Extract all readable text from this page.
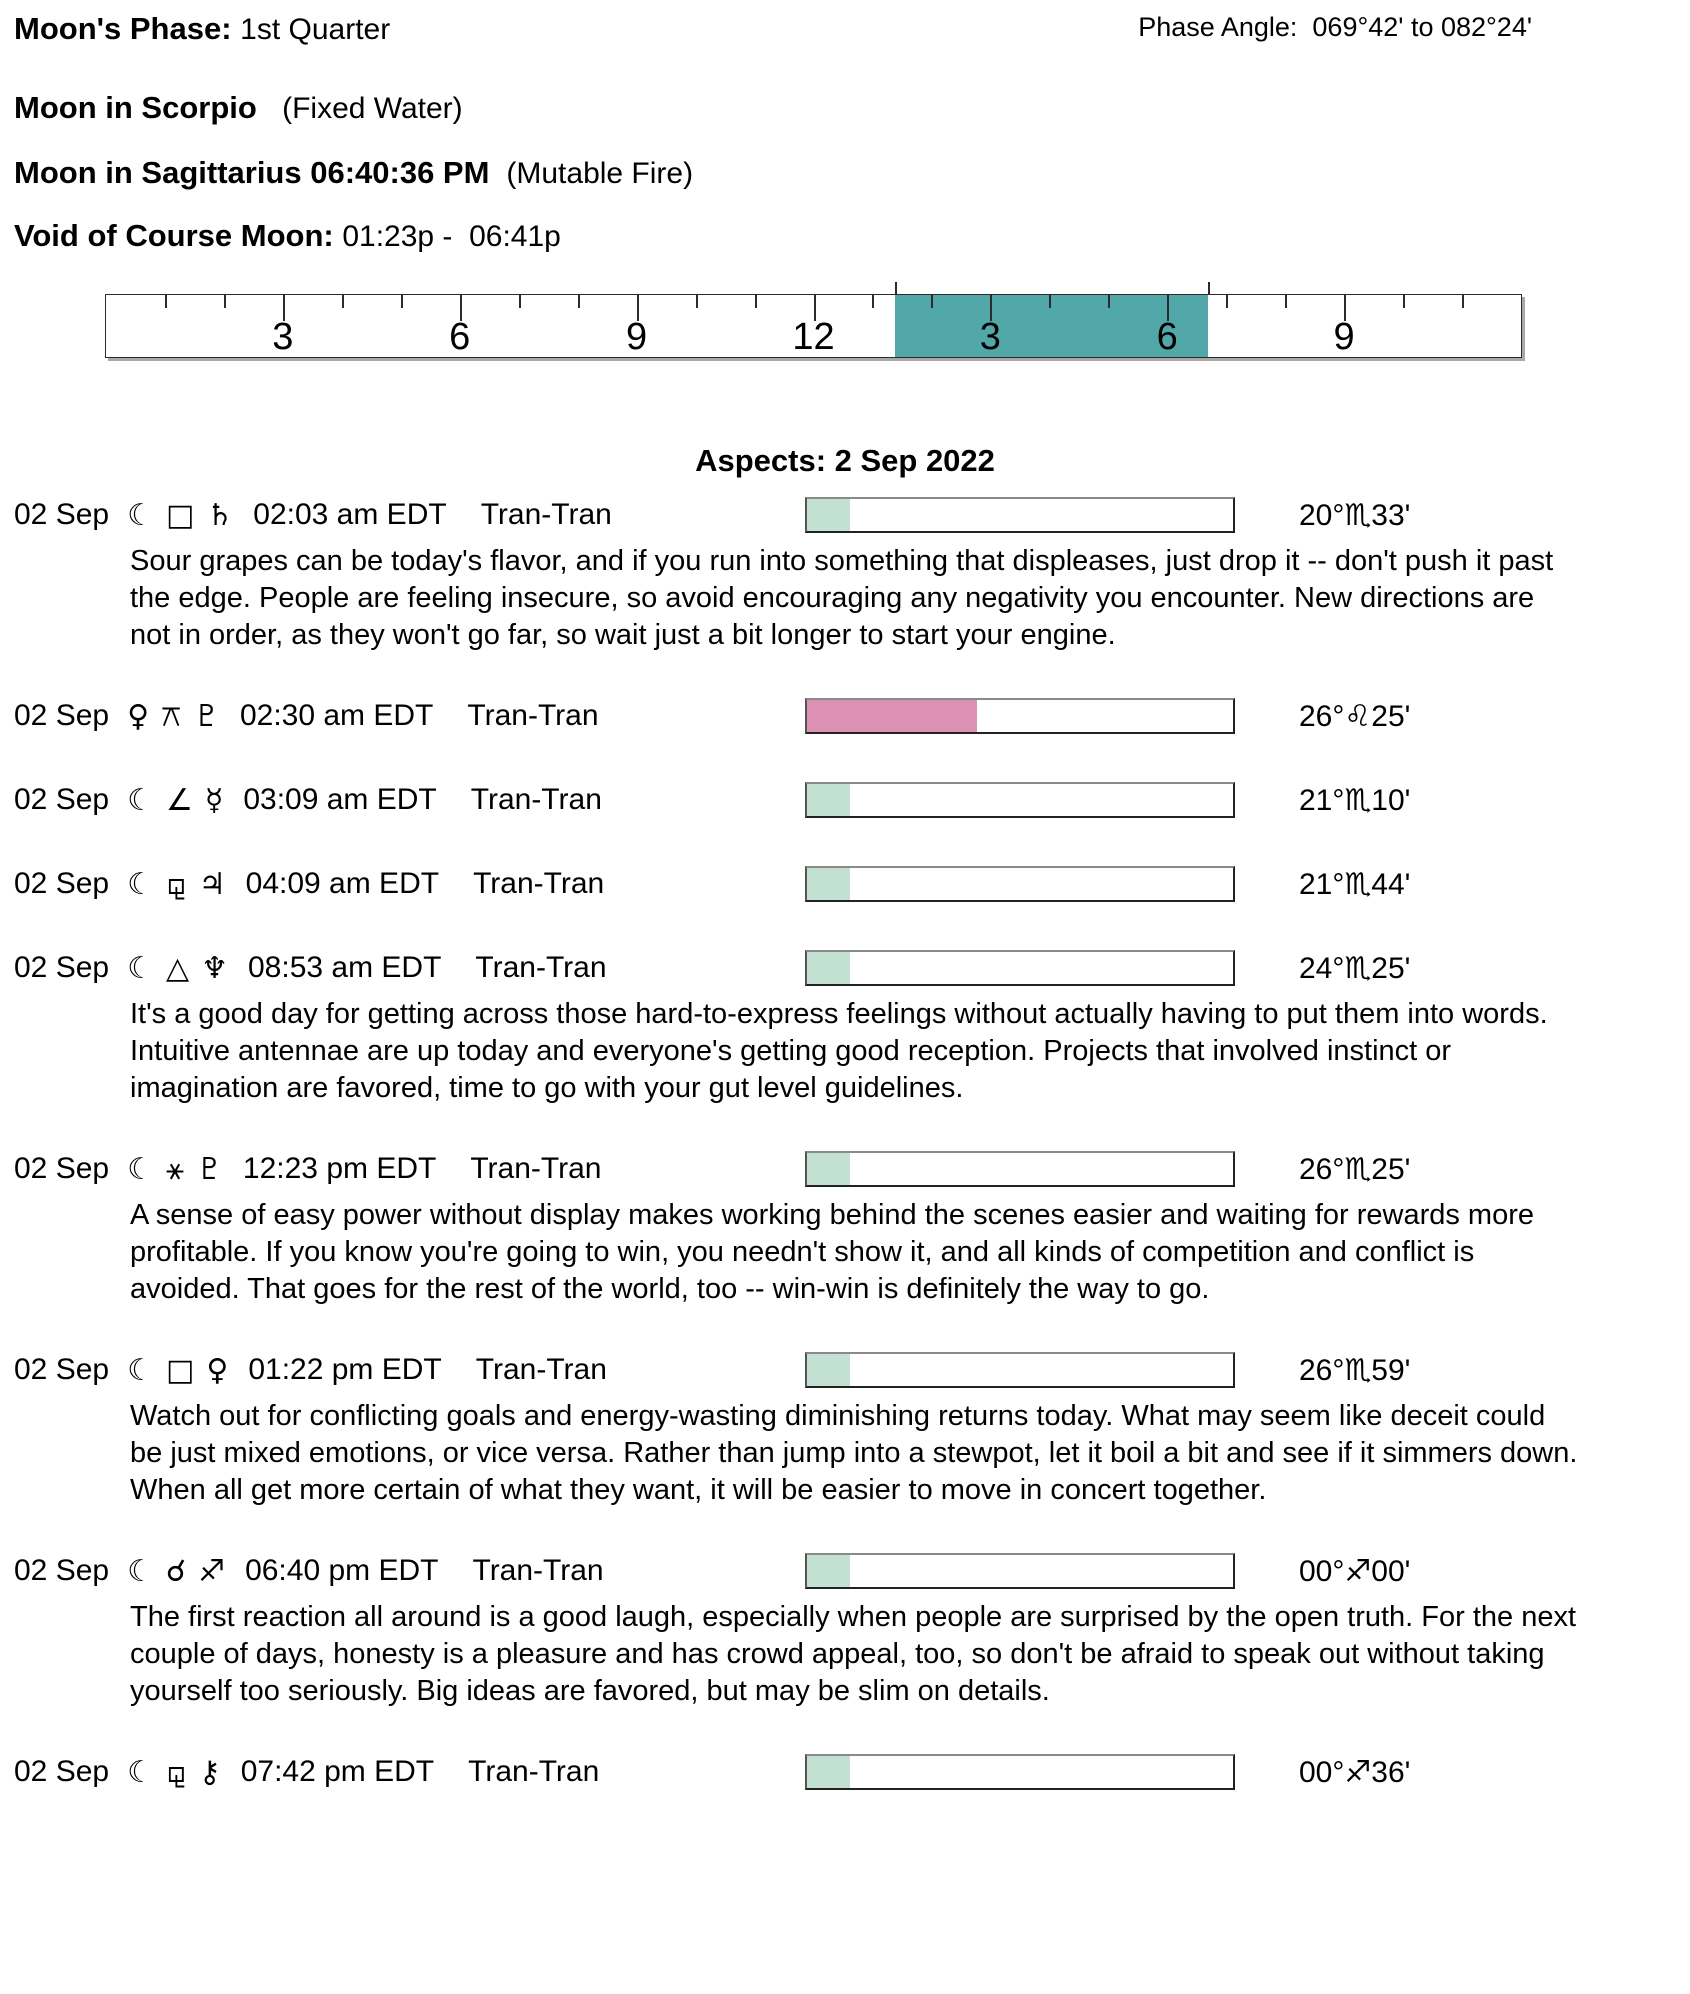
Moon's Phase: 1st Quarter	Phase Angle:  069°42' to 082°24'
Moon in Scorpio   (Fixed Water)
Moon in Sagittarius 06:40:36 PM  (Mutable Fire)
Void of Course Moon: 01:23p -  06:41p
3	6	9	12	3	6	9
Aspects: 2 Sep 2022
02 Sep ☾ □ ♄ 02:03 am EDT Tran-Tran	20°♏33'
Sour grapes can be today's flavor, and if you run into something that displeases, just drop it -- don't push it past the edge. People are feeling insecure, so avoid encouraging any negativity you encounter. New directions are not in order, as they won't go far, so wait just a bit longer to start your engine.
02 Sep ♀ ⚻ ♇ 02:30 am EDT Tran-Tran	26°♌25'
02 Sep ☾ ∠ ☿ 03:09 am EDT Tran-Tran	21°♏10'
02 Sep ☾ ⚼ ♃ 04:09 am EDT Tran-Tran	21°♏44'
02 Sep ☾ △ ♆ 08:53 am EDT Tran-Tran	24°♏25'
It's a good day for getting across those hard-to-express feelings without actually having to put them into words. Intuitive antennae are up today and everyone's getting good reception. Projects that involved instinct or imagination are favored, time to go with your gut level guidelines.
02 Sep ☾ ⚹ ♇ 12:23 pm EDT Tran-Tran	26°♏25'
A sense of easy power without display makes working behind the scenes easier and waiting for rewards more profitable. If you know you're going to win, you needn't show it, and all kinds of competition and conflict is avoided. That goes for the rest of the world, too -- win-win is definitely the way to go.
02 Sep ☾ □ ♀ 01:22 pm EDT Tran-Tran	26°♏59'
Watch out for conflicting goals and energy-wasting diminishing returns today. What may seem like deceit could be just mixed emotions, or vice versa. Rather than jump into a stewpot, let it boil a bit and see if it simmers down. When all get more certain of what they want, it will be easier to move in concert together.
02 Sep ☾ ☌ ♐ 06:40 pm EDT Tran-Tran	00°♐00'
The first reaction all around is a good laugh, especially when people are surprised by the open truth. For the next couple of days, honesty is a pleasure and has crowd appeal, too, so don't be afraid to speak out without taking yourself too seriously. Big ideas are favored, but may be slim on details.
02 Sep ☾ ⚼ ⚷ 07:42 pm EDT Tran-Tran	00°♐36'
